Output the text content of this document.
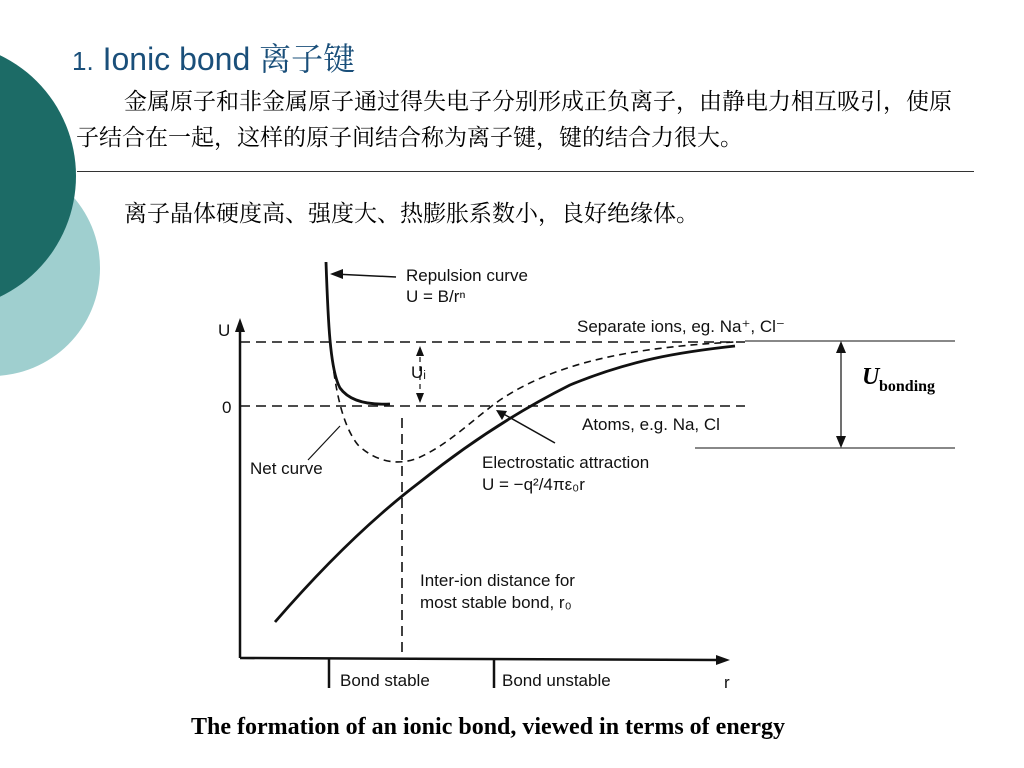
1. Ionic bond 离子键
金属原子和非金属原子通过得失电子分别形成正负离子，由静电力相互吸引，使原子结合在一起，这样的原子间结合称为离子键，键的结合力很大。
离子晶体硬度高、强度大、热膨胀系数小，良好绝缘体。
U
0
r
U bonding
Repulsion curve
U = B/rⁿ
Net curve	Electrostatic attraction
U = −q²/4πε₀r
Uᵢ
Separate ions, eg. Na⁺, Cl⁻
Atoms, e.g. Na, Cl
Inter-ion distance for
most stable bond, r₀
Bond stable	Bond unstable
The formation of an ionic bond, viewed in terms of energy
